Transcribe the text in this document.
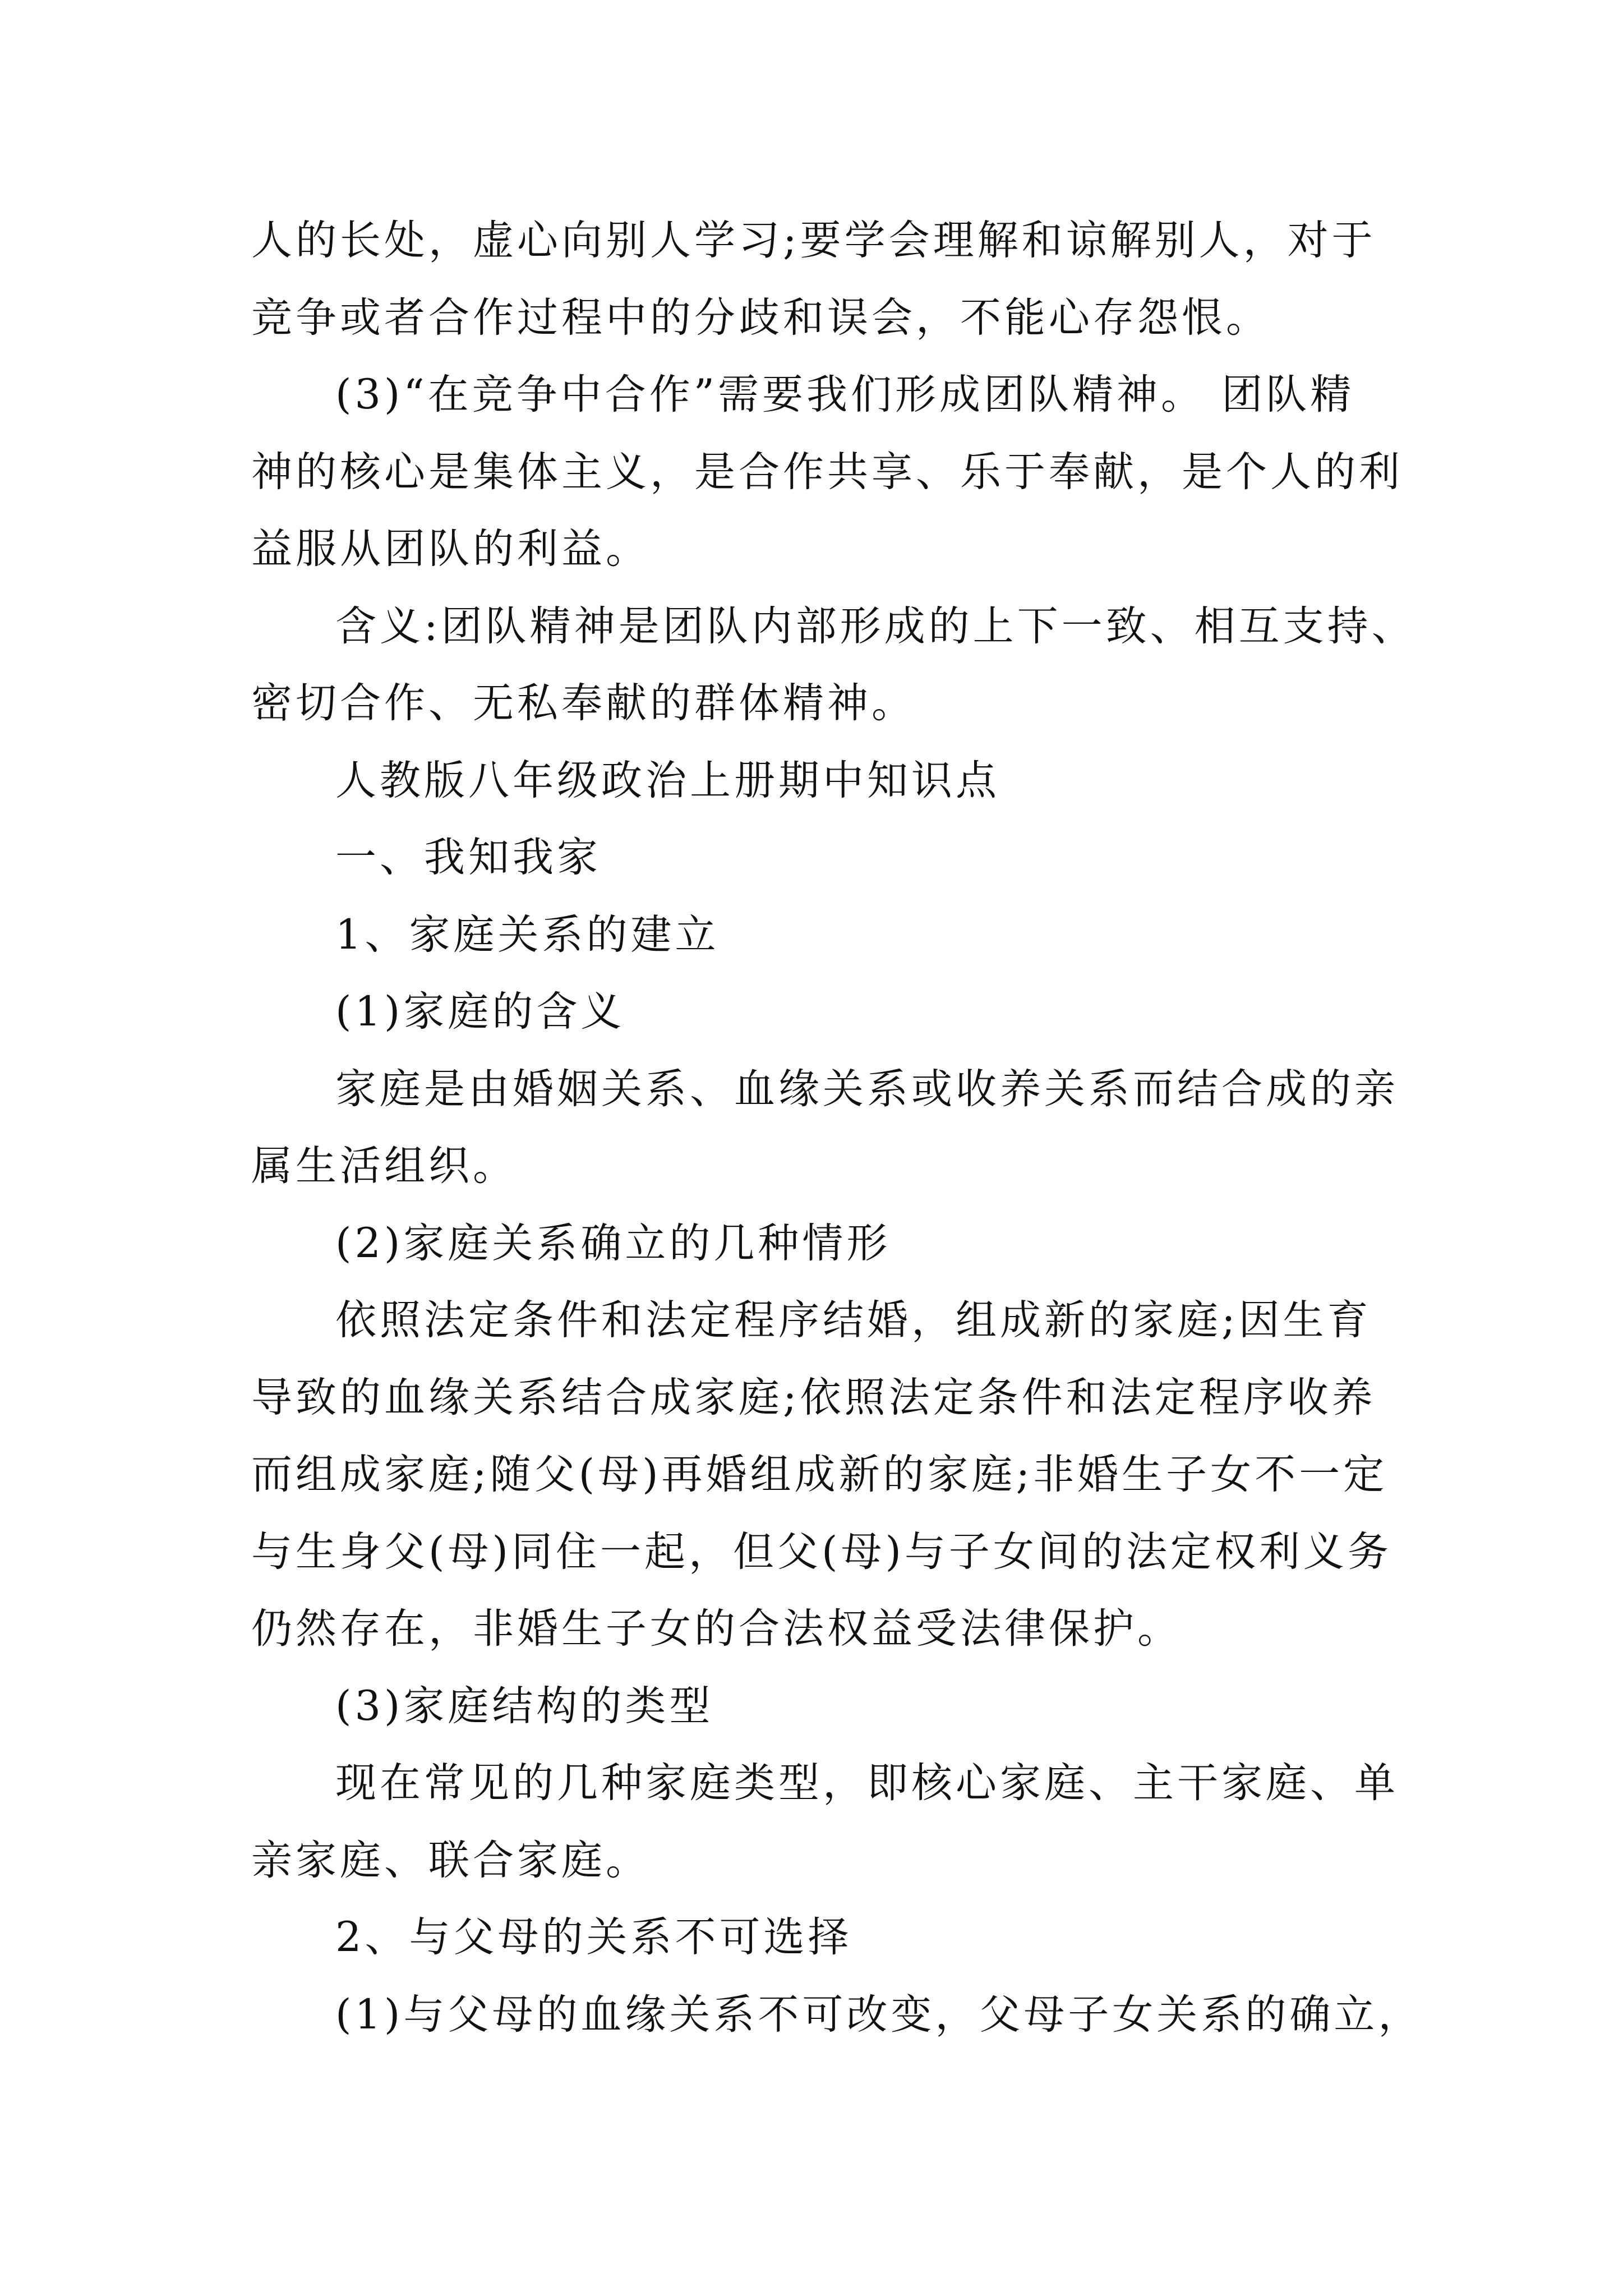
人的长处，虚心向别人学习;要学会理解和谅解别人，对于
竞争或者合作过程中的分歧和误会，不能心存怨恨。
(3)“在竞争中合作”需要我们形成团队精神。 团队精
神的核心是集体主义，是合作共享、乐于奉献，是个人的利
益服从团队的利益。
含义:团队精神是团队内部形成的上下一致、相互支持、
密切合作、无私奉献的群体精神。
人教版八年级政治上册期中知识点
一、我知我家
1、家庭关系的建立
(1)家庭的含义
家庭是由婚姻关系、血缘关系或收养关系而结合成的亲
属生活组织。
(2)家庭关系确立的几种情形
依照法定条件和法定程序结婚，组成新的家庭;因生育
导致的血缘关系结合成家庭;依照法定条件和法定程序收养
而组成家庭;随父(母)再婚组成新的家庭;非婚生子女不一定
与生身父(母)同住一起，但父(母)与子女间的法定权利义务
仍然存在，非婚生子女的合法权益受法律保护。
(3)家庭结构的类型
现在常见的几种家庭类型，即核心家庭、主干家庭、单
亲家庭、联合家庭。
2、与父母的关系不可选择
(1)与父母的血缘关系不可改变，父母子女关系的确立，
